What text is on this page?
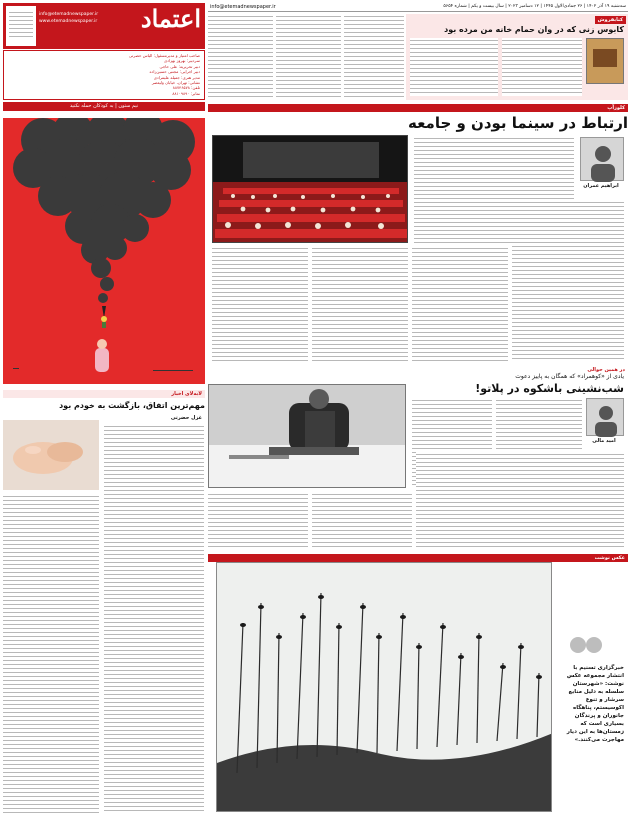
اعتماد
info@etemadnewspaper.ir
www.etemadnewspaper.ir
صاحب امتیاز و مدیرمسئول: الیاس حضرتی
سردبیر: بهروز بهزادی
دبیر تحریریه: علی حاجی
دبیر اجرایی: مجتبی حسین‌زاده
مدیر هنری: جمیله علیمرادی
نشانی: تهران، خیابان ولیعصر
تلفن: ۸۸۷۴۶۵۷۸
نمابر: ۸۸۱۰۹۸۹۰
سه‌شنبه ۱۹ آذر ۱۴۰۲ | ۲۶ جمادی‌الاول ۱۴۴۵ | ۱۲ دسامبر ۲۰۲۳ | سال بیست و یکم | شماره ۵۶۵۴
info@etemadnewspaper.ir
کتابفروش
کابوس زنی که در وان حمام خانه من مرده بود
نیم ستون | به کودکان حمله نکنید	کلوزآپ
ارتباط در سینما بودن و جامعه
ابراهیم عمران
لابه‌لای اخبار
مهم‌ترین اتفاق، بازگشت به خودم بود
غزل حضرتی
در همین حوالی
یادی از «کوهمراد» که همگان به پاییز دعوت
شب‌نشینی باشکوه در پلاتو!
امید مالی
عکس نوشت
خبرگزاری تسنیم با انتشار مجموعه عکس نوشت: «شهرستان سلسله به دلیل منابع سرشار و تنوع اکوسیستم، پناهگاه جانوران و پرندگان بسیاری است که زمستان‌ها به این دیار مهاجرت می‌کنند.»
